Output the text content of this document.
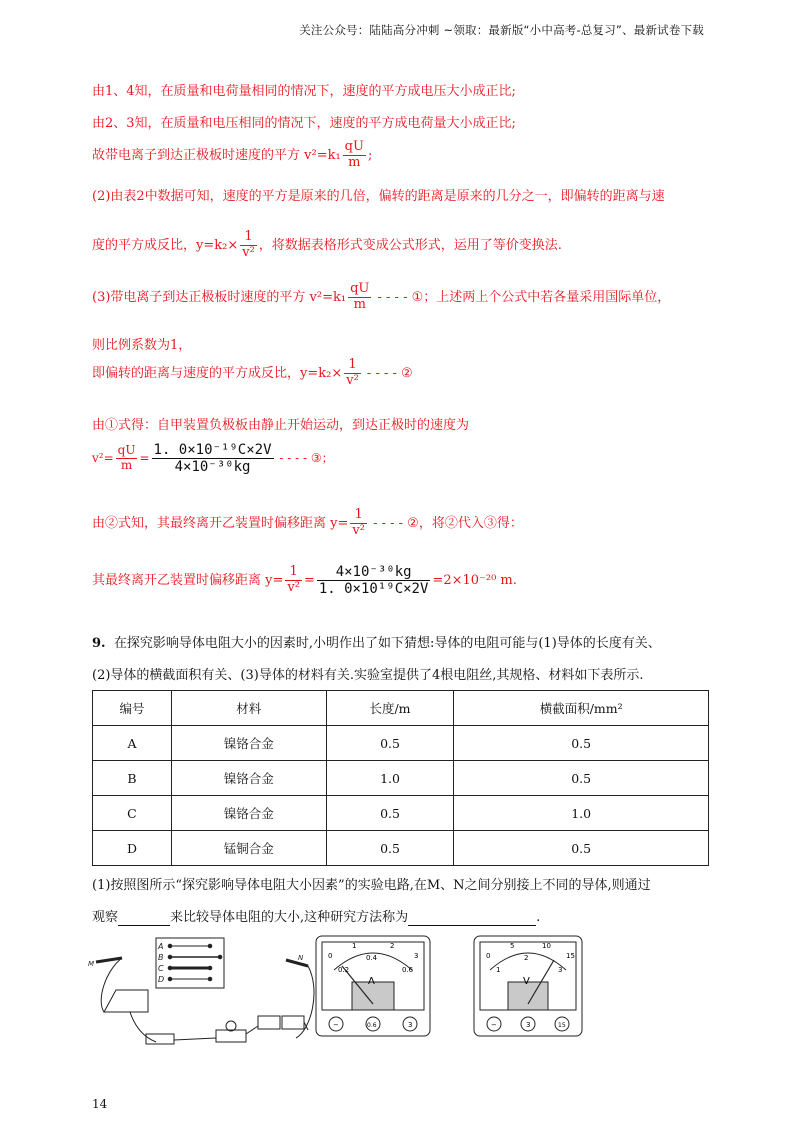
关注公众号：陆陆高分冲刺 ~领取：最新版“小中高考-总复习”、最新试卷下载
由1、4知，在质量和电荷量相同的情况下，速度的平方成电压大小成正比;
由2、3知，在质量和电压相同的情况下，速度的平方成电荷量大小成正比;
故带电离子到达正极板时速度的平方 $v^2=k_1 \frac{qU}{m}$ ;
(2)由表2中数据可知，速度的平方是原来的几倍，偏转的距离是原来的几分之一，即偏转的距离与速
度的平方成反比，$y=k_2\times \frac{1}{\text{v²}}$ ，将数据表格形式变成公式形式，运用了等价变换法.
(3)带电离子到达正极板时速度的平方 $v^2=k_1 \frac{qU}{m}$ - - - - ①；上述两上个公式中若各量采用国际单位，
则比例系数为1，
即偏转的距离与速度的平方成反比，$y=k_2\times \frac{1}{\text{v²}}$ - - - - ②
由①式得：自甲装置负极板由静止开始运动，到达正极时的速度为
$v^2= \frac{qU}{m} = \frac{\text{1. 0×10⁻¹⁹C×2V}}{\text{4×10⁻³⁰kg}}$ - - - - ③；
由②式知，其最终离开乙装置时偏移距离 $y= \frac{1}{\text{v²}}$ - - - - ②，将②代入③得：
其最终离开乙装置时偏移距离 $y= \frac{1}{\text{v²}} = \frac{\text{4×10⁻³⁰kg}}{\text{1. 0×10¹⁹C×2V}} =2\times 10^{-20}$ m.
9. 在探究影响导体电阻大小的因素时,小明作出了如下猜想:导体的电阻可能与(1)导体的长度有关、
(2)导体的横截面积有关、(3)导体的材料有关.实验室提供了4根电阻丝,其规格、材料如下表所示.
编号	材料	长度/m	横截面积/mm²
A	镍铬合金	0.5	0.5
B	镍铬合金	1.0	0.5
C	镍铬合金	0.5	1.0
D	锰铜合金	0.5	0.5
(1)按照图所示“探究影响导体电阻大小因素”的实验电路,在M、N之间分别接上不同的导体,则通过
观察	来比较导体电阻的大小,这种研究方法称为	.
A
B
C
D
M
N
A
0
1	2
3
0.2
0.4
0.6
−	0.6	3
V
0
5	10
15
1
2
3
−	3	15
14
